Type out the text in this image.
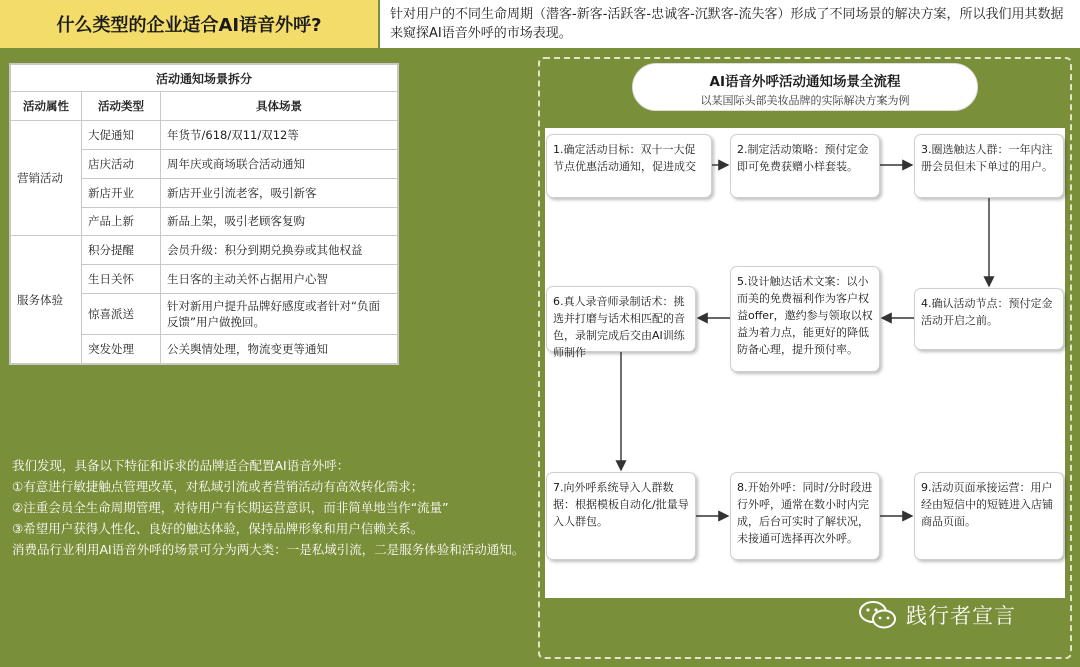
什么类型的企业适合AI语音外呼?
针对用户的不同生命周期（潜客-新客-活跃客-忠诚客-沉默客-流失客）形成了不同场景的解决方案，所以我们用其数据来窥探AI语音外呼的市场表现。
活动通知场景拆分		
活动属性	活动类型	具体场景
营销活动	大促通知	年货节/618/双11/双12等
	店庆活动	周年庆或商场联合活动通知
	新店开业	新店开业引流老客，吸引新客
	产品上新	新品上架，吸引老顾客复购
服务体验	积分提醒	会员升级：积分到期兑换券或其他权益
	生日关怀	生日客的主动关怀占据用户心智
	惊喜派送	针对新用户提升品牌好感度或者针对“负面反馈”用户做挽回。
	突发处理	公关舆情处理，物流变更等通知

我们发现，具备以下特征和诉求的品牌适合配置AI语音外呼：

①有意进行敏捷触点管理改革，对私域引流或者营销活动有高效转化需求；

②注重会员全生命周期管理，对待用户有长期运营意识，而非简单地当作“流量”

③希望用户获得人性化、良好的触达体验，保持品牌形象和用户信赖关系。

消费品行业利用AI语音外呼的场景可分为两大类：一是私域引流，二是服务体验和活动通知。

AI语音外呼活动通知场景全流程
以某国际头部美妆品牌的实际解决方案为例
1.确定活动目标：双十一大促节点优惠活动通知，促进成交
2.制定活动策略：预付定金即可免费获赠小样套装。
3.圈选触达人群：一年内注册会员但未下单过的用户。
4.确认活动节点：预付定金活动开启之前。
5.设计触达话术文案：以小而美的免费福利作为客户权益offer，邀约参与领取以权益为着力点，能更好的降低防备心理，提升预付率。
6.真人录音师录制话术：挑选并打磨与话术相匹配的音色，录制完成后交由AI训练师制作
7.向外呼系统导入人群数据：根据模板自动化/批量导入人群包。
8.开始外呼：同时/分时段进行外呼，通常在数小时内完成，后台可实时了解状况，未接通可选择再次外呼。
9.活动页面承接运营：用户经由短信中的短链进入店铺商品页面。
践行者宣言
